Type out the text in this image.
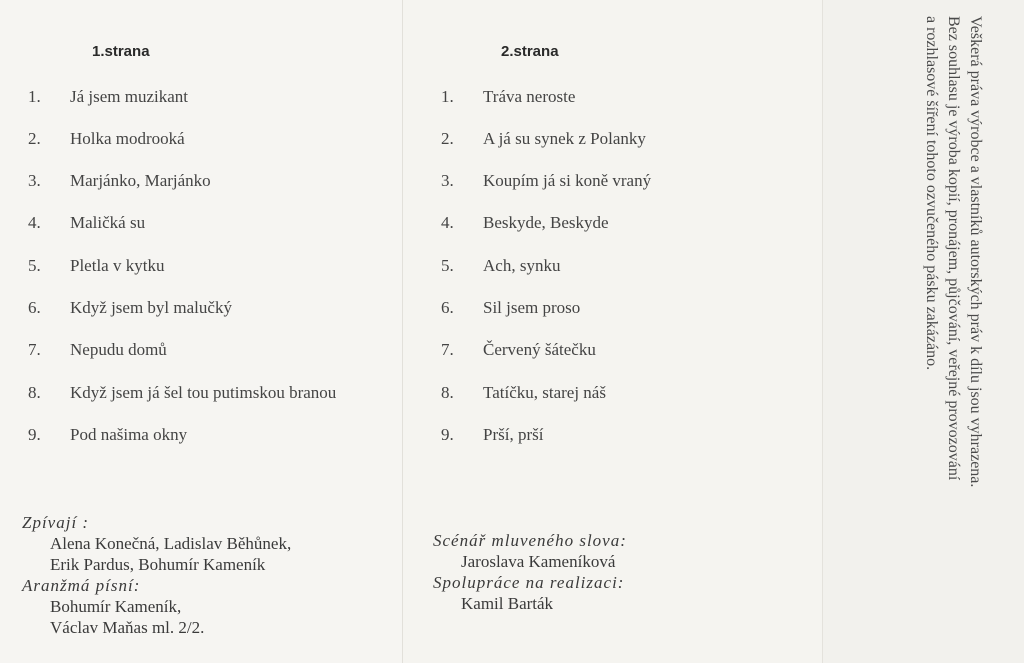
1.strana
1. Já jsem muzikant
2. Holka modrooká
3. Marjánko, Marjánko
4. Maličká su
5. Pletla v kytku
6. Když jsem byl malučký
7. Nepudu domů
8. Když jsem já šel tou putimskou branou
9. Pod našima okny
Zpívají :
Alena Konečná, Ladislav Běhůnek,
Erik Pardus, Bohumír Kameník
Aranžmá písní:
Bohumír Kameník,
Václav Maňas ml. 2/2.
2.strana
1. Tráva neroste
2. A já su synek z Polanky
3. Koupím já si koně vraný
4. Beskyde, Beskyde
5. Ach, synku
6. Sil jsem proso
7. Červený šátečku
8. Tatíčku, starej náš
9. Prší, prší
Scénář mluveného slova:
Jaroslava Kameníková
Spolupráce na realizaci:
Kamil Barták
Veškerá práva výrobce a vlastníků autorských práv k dílu jsou vyhrazena.
Bez souhlasu je výroba kopií, pronájem, půjčování, veřejné provozování
a rozhlasové šíření tohoto ozvučeného pásku zakázáno.
